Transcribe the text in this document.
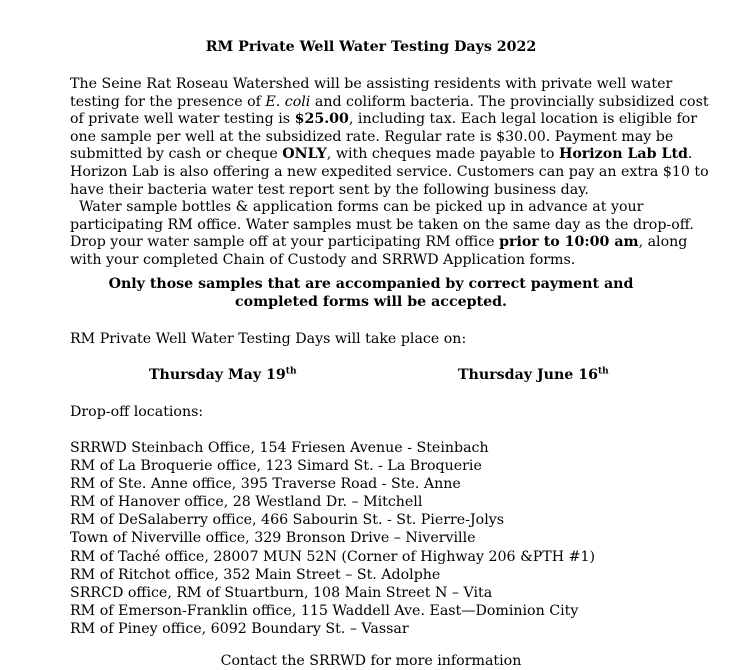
RM Private Well Water Testing Days 2022
The Seine Rat Roseau Watershed will be assisting residents with private well water
testing for the presence of E. coli and coliform bacteria. The provincially subsidized cost
of private well water testing is $25.00, including tax. Each legal location is eligible for
one sample per well at the subsidized rate. Regular rate is $30.00. Payment may be
submitted by cash or cheque ONLY, with cheques made payable to Horizon Lab Ltd.
Horizon Lab is also offering a new expedited service. Customers can pay an extra $10 to
have their bacteria water test report sent by the following business day.
Water sample bottles & application forms can be picked up in advance at your
participating RM office. Water samples must be taken on the same day as the drop-off.
Drop your water sample off at your participating RM office prior to 10:00 am, along
with your completed Chain of Custody and SRRWD Application forms.
Only those samples that are accompanied by correct payment and
completed forms will be accepted.
RM Private Well Water Testing Days will take place on:
Thursday May 19th	Thursday June 16th
Drop-off locations:
SRRWD Steinbach Office, 154 Friesen Avenue - Steinbach
RM of La Broquerie office, 123 Simard St. - La Broquerie
RM of Ste. Anne office, 395 Traverse Road - Ste. Anne
RM of Hanover office, 28 Westland Dr. – Mitchell
RM of DeSalaberry office, 466 Sabourin St. - St. Pierre-Jolys
Town of Niverville office, 329 Bronson Drive – Niverville
RM of Taché office, 28007 MUN 52N (Corner of Highway 206 &PTH #1)
RM of Ritchot office, 352 Main Street – St. Adolphe
SRRCD office, RM of Stuartburn, 108 Main Street N – Vita
RM of Emerson-Franklin office, 115 Waddell Ave. East—Dominion City
RM of Piney office, 6092 Boundary St. – Vassar
Contact the SRRWD for more information
